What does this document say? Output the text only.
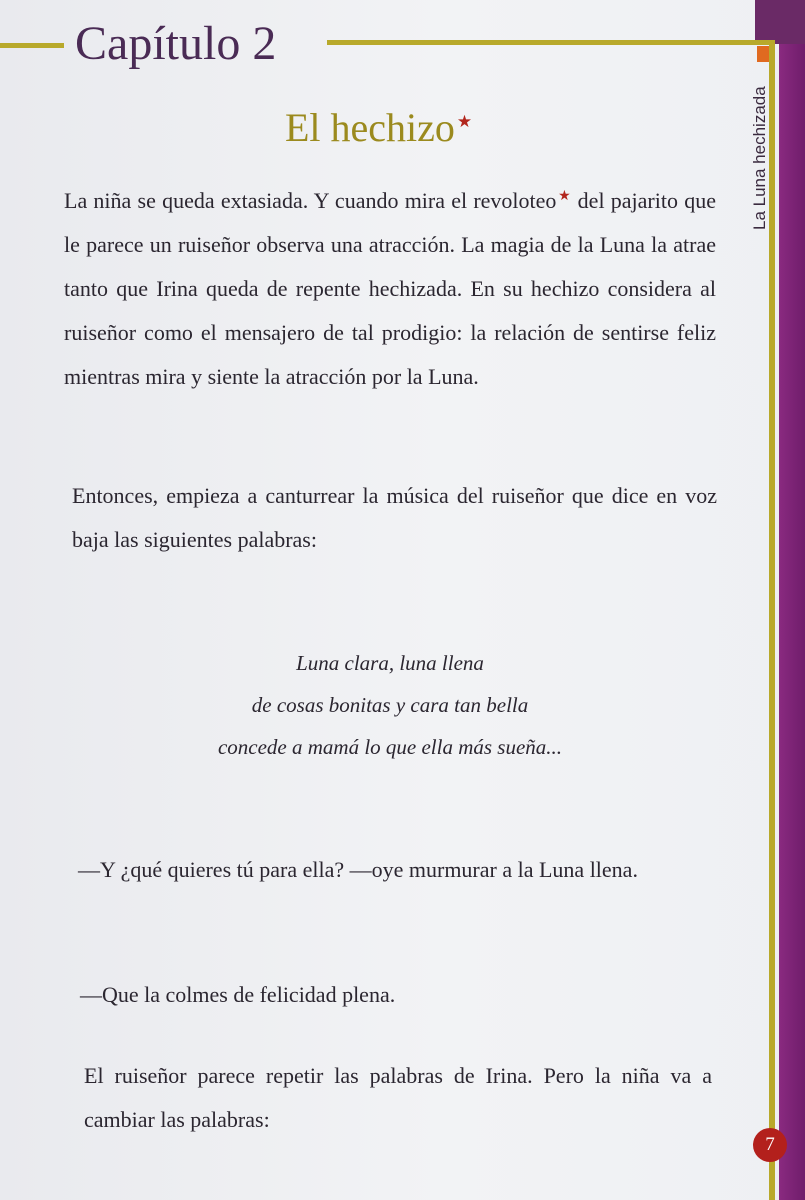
Capítulo 2
La Luna hechizada
El hechizo ★

La niña se queda extasiada. Y cuando mira el revoloteo★ del pajarito que le parece un ruiseñor observa una atracción. La magia de la Luna la atrae tanto que Irina queda de repente hechizada. En su hechizo considera al ruiseñor como el mensajero de tal prodigio: la relación de sentirse feliz mientras mira y siente la atracción por la Luna.

Entonces, empieza a canturrear la música del ruiseñor que dice en voz baja las siguientes palabras:

Luna clara, luna llena
de cosas bonitas y cara tan bella
concede a mamá lo que ella más sueña...

—Y ¿qué quieres tú para ella? —oye murmurar a la Luna llena.

—Que la colmes de felicidad plena.

El ruiseñor parece repetir las palabras de Irina. Pero la niña va a cambiar las palabras:

7
